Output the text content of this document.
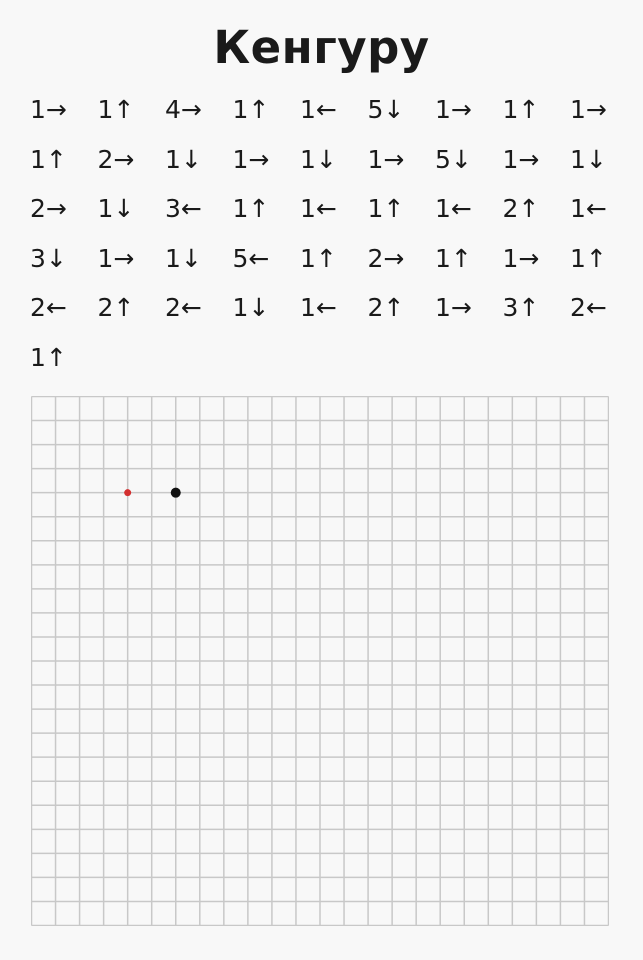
Кенгуру
1→	1↑	4→	1↑	1←	5↓	1→	1↑	1→
1↑	2→	1↓	1→	1↓	1→	5↓	1→	1↓
2→	1↓	3←	1↑	1←	1↑	1←	2↑	1←
3↓	1→	1↓	5←	1↑	2→	1↑	1→	1↑
2←	2↑	2←	1↓	1←	2↑	1→	3↑	2←
1↑
